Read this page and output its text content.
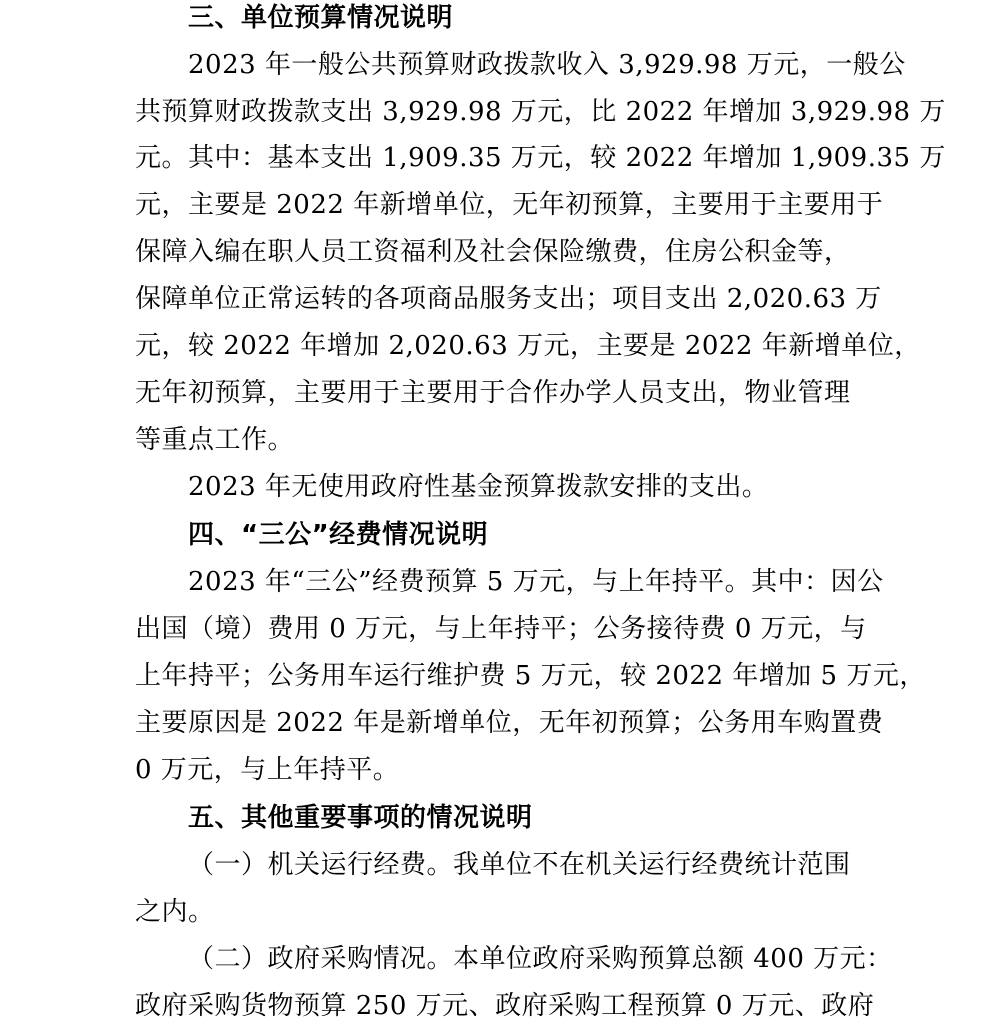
三、单位预算情况说明
2023 年一般公共预算财政拨款收入 3,929.98 万元，一般公
共预算财政拨款支出 3,929.98 万元，比 2022 年增加 3,929.98 万
元。其中：基本支出 1,909.35 万元，较 2022 年增加 1,909.35 万
元，主要是 2022 年新增单位，无年初预算，主要用于主要用于
保障入编在职人员工资福利及社会保险缴费，住房公积金等，
保障单位正常运转的各项商品服务支出；项目支出 2,020.63 万
元，较 2022 年增加 2,020.63 万元，主要是 2022 年新增单位，
无年初预算，主要用于主要用于合作办学人员支出，物业管理
等重点工作。
2023 年无使用政府性基金预算拨款安排的支出。
四、“三公”经费情况说明
2023 年“三公”经费预算 5 万元，与上年持平。其中：因公
出国（境）费用 0 万元，与上年持平；公务接待费 0 万元，与
上年持平；公务用车运行维护费 5 万元，较 2022 年增加 5 万元，
主要原因是 2022 年是新增单位，无年初预算；公务用车购置费
0 万元，与上年持平。
五、其他重要事项的情况说明
（一）机关运行经费。我单位不在机关运行经费统计范围
之内。
（二）政府采购情况。本单位政府采购预算总额 400 万元：
政府采购货物预算 250 万元、政府采购工程预算 0 万元、政府
